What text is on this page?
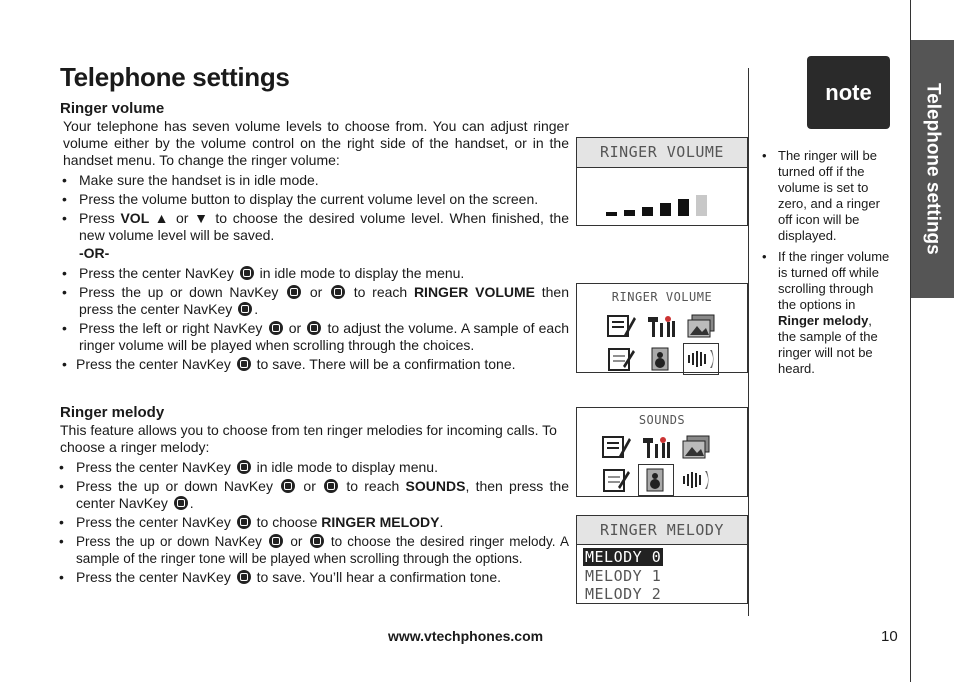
Telephone settings
Ringer volume
Your telephone has seven volume levels to choose from. You can adjust ringer volume either by the volume control on the right side of the handset, or in the handset menu. To change the ringer volume:
• Make sure the handset is in idle mode.
• Press the volume button to display the current volume level on the screen.
• Press VOL ▲ or ▼ to choose the desired volume level. When finished, the new volume level will be saved.
-OR-
• Press the center NavKey  in idle mode to display the menu.
• Press the up or down NavKey  or  to reach RINGER VOLUME then press the center NavKey .
• Press the left or right NavKey  or  to adjust the volume. A sample of each ringer volume will be played when scrolling through the choices.
• Press the center NavKey  to save. There will be a confirmation tone.
Ringer melody
This feature allows you to choose from ten ringer melodies for incoming calls. To choose a ringer melody:
• Press the center NavKey  in idle mode to display menu.
• Press the up or down NavKey  or  to reach SOUNDS, then press the center NavKey .
• Press the center NavKey  to choose RINGER MELODY.
• Press the up or down NavKey  or  to choose the desired ringer melody. A sample of the ringer tone will be played when scrolling through the options.
• Press the center NavKey  to save. You’ll hear a confirmation tone.
RINGER VOLUME
RINGER VOLUME
SOUNDS
RINGER MELODY
MELODY 0
MELODY 1
MELODY 2
Telephone settings
note
• The ringer will be turned off if the volume is set to zero, and a ringer off icon will be displayed.
• If the ringer volume is turned off while scrolling through the options in Ringer melody, the sample of the ringer will not be heard.
www.vtechphones.com	10
